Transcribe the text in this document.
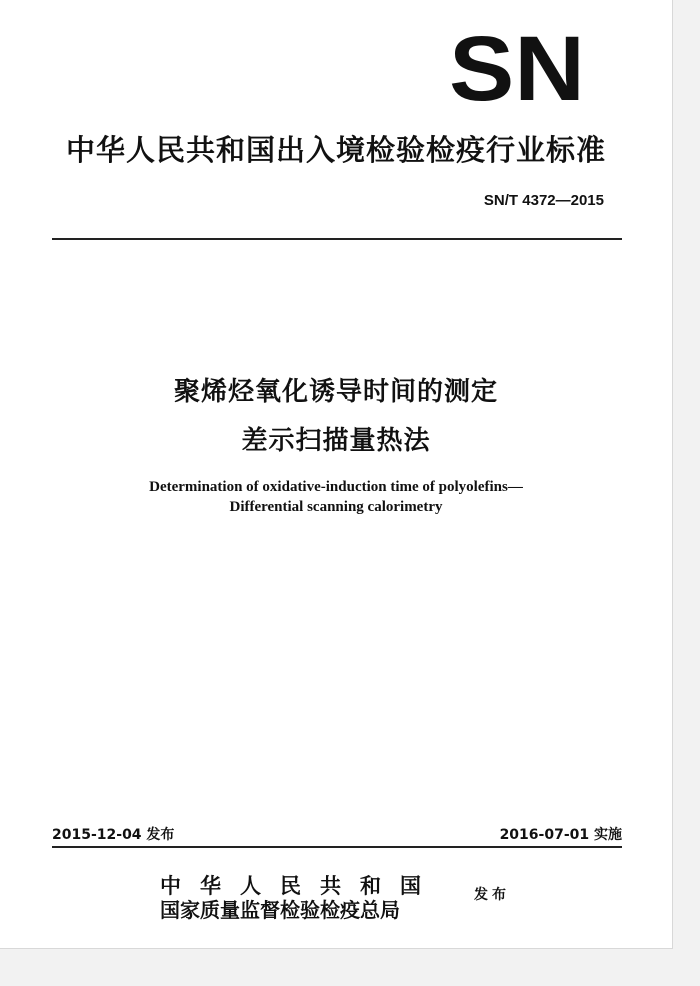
SN
中华人民共和国出入境检验检疫行业标准
SN/T 4372—2015
聚烯烃氧化诱导时间的测定
差示扫描量热法
Determination of oxidative-induction time of polyolefins—
Differential scanning calorimetry
2015-12-04 发布	2016-07-01 实施
中华人民共和国
国家质量监督检验检疫总局
发布
